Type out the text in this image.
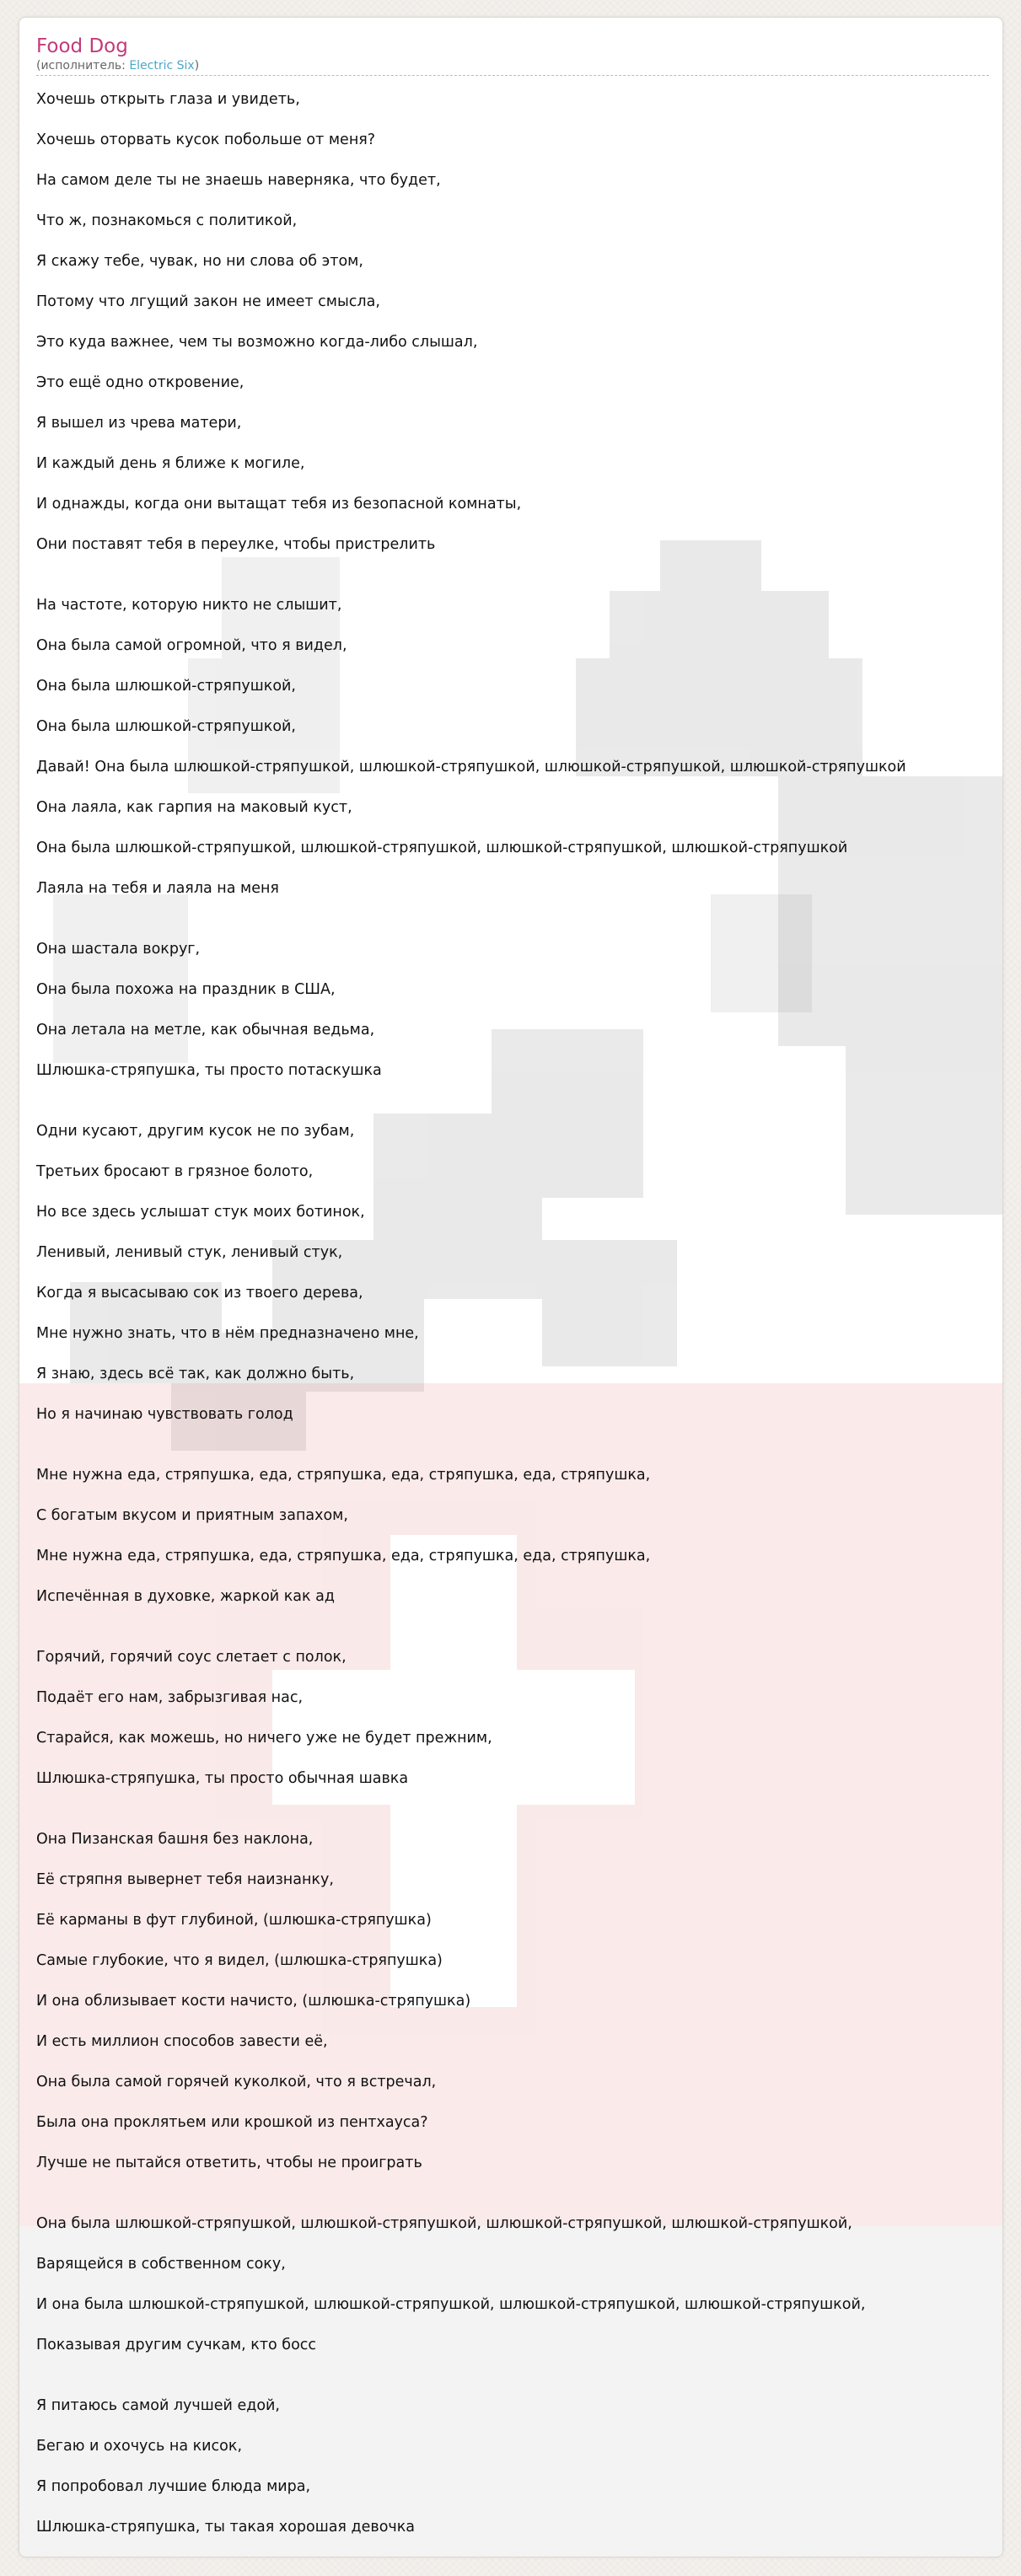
Food Dog
(исполнитель: Electric Six)
Хочешь открыть глаза и увидеть,
Хочешь оторвать кусок побольше от меня?
На самом деле ты не знаешь наверняка, что будет,
Что ж, познакомься с политикой,
Я скажу тебе, чувак, но ни слова об этом,
Потому что лгущий закон не имеет смысла,
Это куда важнее, чем ты возможно когда-либо слышал,
Это ещё одно откровение,
Я вышел из чрева матери,
И каждый день я ближе к могиле,
И однажды, когда они вытащат тебя из безопасной комнаты,
Они поставят тебя в переулке, чтобы пристрелить
На частоте, которую никто не слышит,
Она была самой огромной, что я видел,
Она была шлюшкой-стряпушкой,
Она была шлюшкой-стряпушкой,
Давай! Она была шлюшкой-стряпушкой, шлюшкой-стряпушкой, шлюшкой-стряпушкой, шлюшкой-стряпушкой
Она лаяла, как гарпия на маковый куст,
Она была шлюшкой-стряпушкой, шлюшкой-стряпушкой, шлюшкой-стряпушкой, шлюшкой-стряпушкой
Лаяла на тебя и лаяла на меня
Она шастала вокруг,
Она была похожа на праздник в США,
Она летала на метле, как обычная ведьма,
Шлюшка-стряпушка, ты просто потаскушка
Одни кусают, другим кусок не по зубам,
Третьих бросают в грязное болото,
Но все здесь услышат стук моих ботинок,
Ленивый, ленивый стук, ленивый стук,
Когда я высасываю сок из твоего дерева,
Мне нужно знать, что в нём предназначено мне,
Я знаю, здесь всё так, как должно быть,
Но я начинаю чувствовать голод
Мне нужна еда, стряпушка, еда, стряпушка, еда, стряпушка, еда, стряпушка,
С богатым вкусом и приятным запахом,
Мне нужна еда, стряпушка, еда, стряпушка, еда, стряпушка, еда, стряпушка,
Испечённая в духовке, жаркой как ад
Горячий, горячий соус слетает с полок,
Подаёт его нам, забрызгивая нас,
Старайся, как можешь, но ничего уже не будет прежним,
Шлюшка-стряпушка, ты просто обычная шавка
Она Пизанская башня без наклона,
Её стряпня вывернет тебя наизнанку,
Её карманы в фут глубиной, (шлюшка-стряпушка)
Самые глубокие, что я видел, (шлюшка-стряпушка)
И она облизывает кости начисто, (шлюшка-стряпушка)
И есть миллион способов завести её,
Она была самой горячей куколкой, что я встречал,
Была она проклятьем или крошкой из пентхауса?
Лучше не пытайся ответить, чтобы не проиграть
Она была шлюшкой-стряпушкой, шлюшкой-стряпушкой, шлюшкой-стряпушкой, шлюшкой-стряпушкой,
Варящейся в собственном соку,
И она была шлюшкой-стряпушкой, шлюшкой-стряпушкой, шлюшкой-стряпушкой, шлюшкой-стряпушкой,
Показывая другим сучкам, кто босс
Я питаюсь самой лучшей едой,
Бегаю и охочусь на кисок,
Я попробовал лучшие блюда мира,
Шлюшка-стряпушка, ты такая хорошая девочка
